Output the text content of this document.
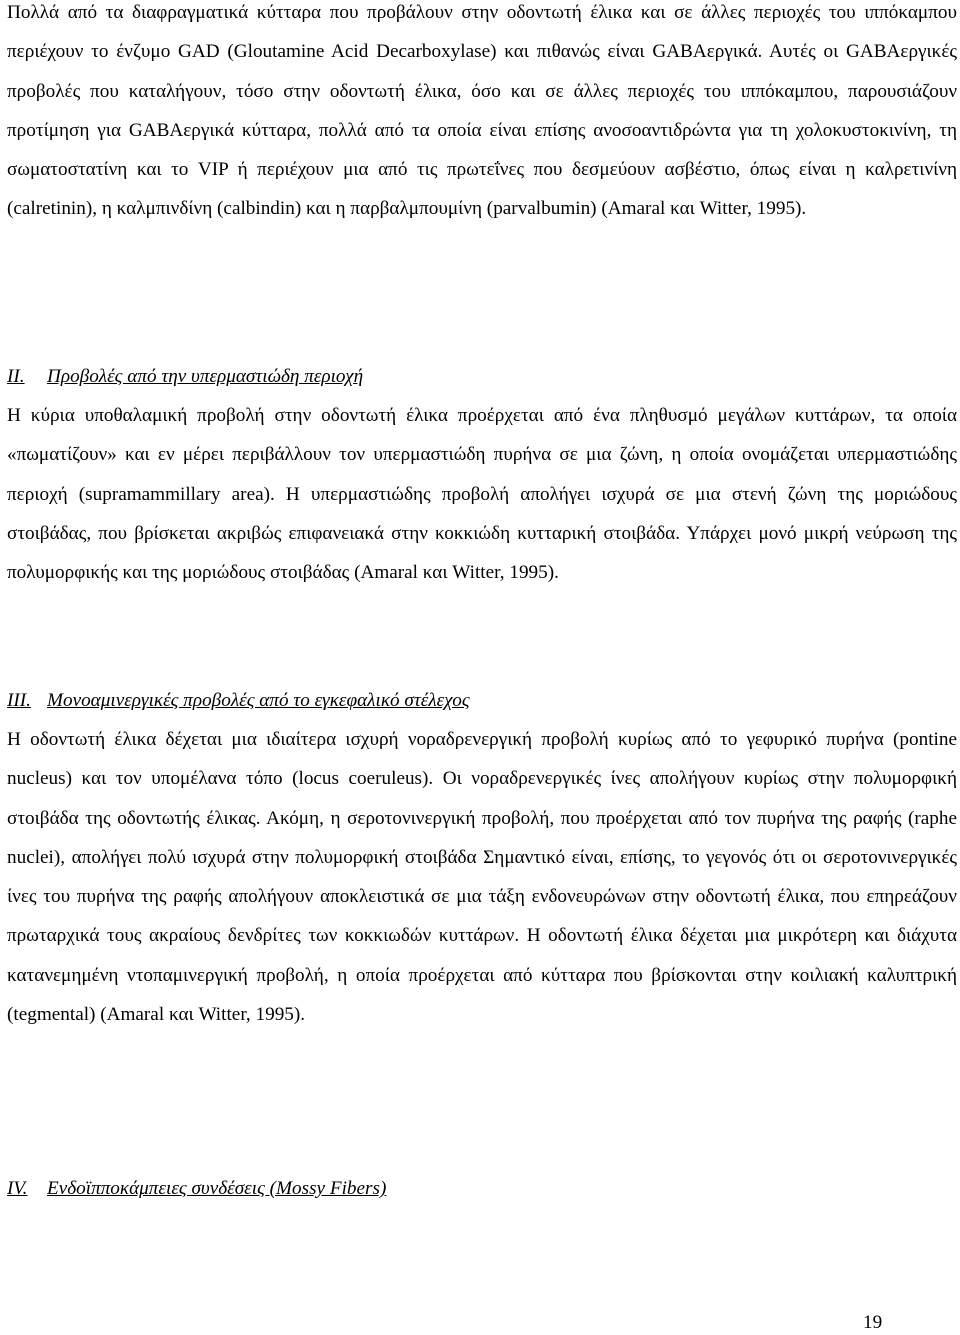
Πολλά από τα διαφραγματικά κύτταρα που προβάλουν στην οδοντωτή έλικα και σε άλλες περιοχές του ιππόκαμπου περιέχουν το ένζυμο GAD (Gloutamine Acid Decarboxylase) και πιθανώς είναι GABAεργικά. Αυτές οι GABAεργικές προβολές που καταλήγουν, τόσο στην οδοντωτή έλικα, όσο και σε άλλες περιοχές του ιππόκαμπου, παρουσιάζουν προτίμηση για GABAεργικά κύτταρα, πολλά από τα οποία είναι επίσης ανοσοαντιδρώντα για τη χολοκυστοκινίνη, τη σωματοστατίνη και το VIP ή περιέχουν μια από τις πρωτεΐνες που δεσμεύουν ασβέστιο, όπως είναι η καλρετινίνη (calretinin), η καλμπινδίνη (calbindin) και η παρβαλμπουμίνη (parvalbumin) (Amaral και Witter, 1995).

II. Προβολές από την υπερμαστιώδη περιοχή

Η κύρια υποθαλαμική προβολή στην οδοντωτή έλικα προέρχεται από ένα πληθυσμό μεγάλων κυττάρων, τα οποία «πωματίζουν» και εν μέρει περιβάλλουν τον υπερμαστιώδη πυρήνα σε μια ζώνη, η οποία ονομάζεται υπερμαστιώδης περιοχή (supramammillary area). Η υπερμαστιώδης προβολή απολήγει ισχυρά σε μια στενή ζώνη της μοριώδους στοιβάδας, που βρίσκεται ακριβώς επιφανειακά στην κοκκιώδη κυτταρική στοιβάδα. Υπάρχει μονό μικρή νεύρωση της πολυμορφικής και της μοριώδους στοιβάδας (Amaral και Witter, 1995).

III. Μονοαμινεργικές προβολές από το εγκεφαλικό στέλεχος

Η οδοντωτή έλικα δέχεται μια ιδιαίτερα ισχυρή νοραδρενεργική προβολή κυρίως από το γεφυρικό πυρήνα (pontine nucleus) και τον υπομέλανα τόπο (locus coeruleus). Οι νοραδρενεργικές ίνες απολήγουν κυρίως στην πολυμορφική στοιβάδα της οδοντωτής έλικας. Ακόμη, η σεροτονινεργική προβολή, που προέρχεται από τον πυρήνα της ραφής (raphe nuclei), απολήγει πολύ ισχυρά στην πολυμορφική στοιβάδα Σημαντικό είναι, επίσης, το γεγονός ότι οι σεροτονινεργικές ίνες του πυρήνα της ραφής απολήγουν αποκλειστικά σε μια τάξη ενδονευρώνων στην οδοντωτή έλικα, που επηρεάζουν πρωταρχικά τους ακραίους δενδρίτες των κοκκιωδών κυττάρων. Η οδοντωτή έλικα δέχεται μια μικρότερη και διάχυτα κατανεμημένη ντοπαμινεργική προβολή, η οποία προέρχεται από κύτταρα που βρίσκονται στην κοιλιακή καλυπτρική (tegmental) (Amaral και Witter, 1995).

IV. Ενδοϊπποκάμπειες συνδέσεις (Mossy Fibers)
19
